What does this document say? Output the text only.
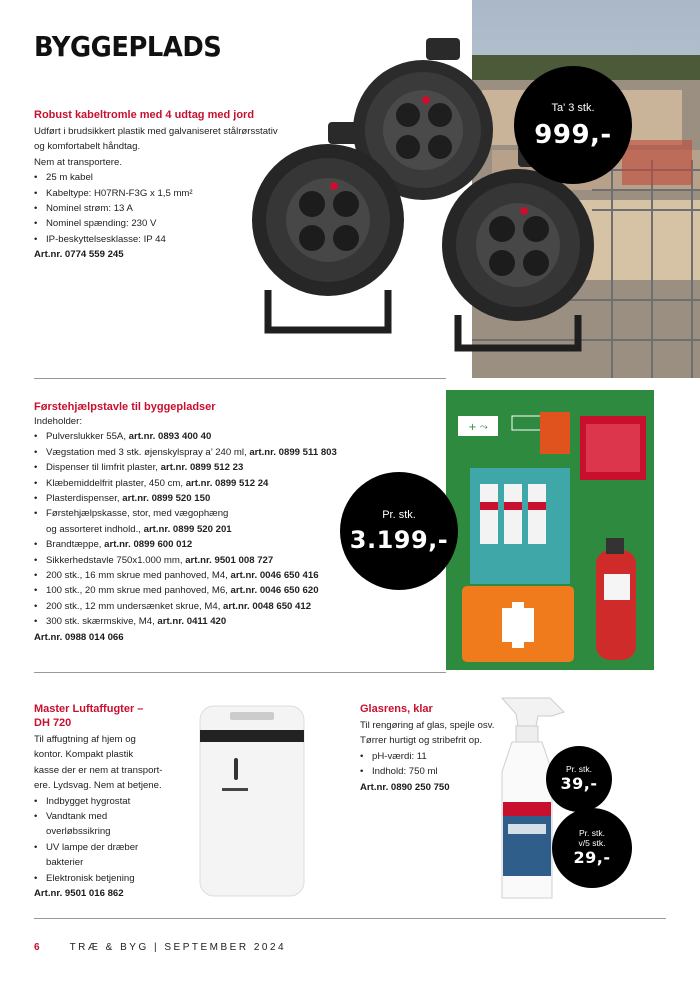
BYGGEPLADS
Robust kabeltromle med 4 udtag med jord
Udført i brudsikkert plastik med galvaniseret stålrørsstativ
og komfortabelt håndtag.
Nem at transportere.
• 25 m kabel
• Kabeltype: H07RN-F3G x 1,5 mm²
• Nominel strøm: 13 A
• Nominel spænding: 230 V
• IP-beskyttelsesklasse: IP 44
Art.nr. 0774 559 245
Ta' 3 stk.
999,-
Førstehjælpstavle til byggepladser
Indeholder:
• Pulverslukker 55A, art.nr. 0893 400 40
• Vægstation med 3 stk. øjenskylspray a’ 240 ml, art.nr. 0899 511 803
• Dispenser til limfrit plaster, art.nr. 0899 512 23
• Klæbemiddelfrit plaster, 450 cm, art.nr. 0899 512 24
• Plasterdispenser, art.nr. 0899 520 150
• Førstehjælpskasse, stor, med vægophæng
og assorteret indhold., art.nr. 0899 520 201
• Brandtæppe, art.nr. 0899 600 012
• Sikkerhedstavle 750x1.000 mm, art.nr. 9501 008 727
• 200 stk., 16 mm skrue med panhoved, M4, art.nr. 0046 650 416
• 100 stk., 20 mm skrue med panhoved, M6, art.nr. 0046 650 620
• 200 stk., 12 mm undersænket skrue, M4, art.nr. 0048 650 412
• 300 stk. skærmskive, M4, art.nr. 0411 420
Art.nr. 0988 014 066
+ ⤳
Pr. stk.
3.199,-
Master Luftaffugter –
DH 720
Til affugtning af hjem og
kontor. Kompakt plastik
kasse der er nem at transport-
ere. Lydsvag. Nem at betjene.
• Indbygget hygrostat
• Vandtank med
overløbssikring
• UV lampe der dræber
bakterier
• Elektronisk betjening
Art.nr. 9501 016 862
Glasrens, klar
Til rengøring af glas, spejle osv.
Tørrer hurtigt og stribefrit op.
• pH-værdi: 11
• Indhold: 750 ml
Art.nr. 0890 250 750
Pr. stk.
39,-
Pr. stk.
v/5 stk.
29,-
6	TRÆ & BYG | SEPTEMBER 2024
